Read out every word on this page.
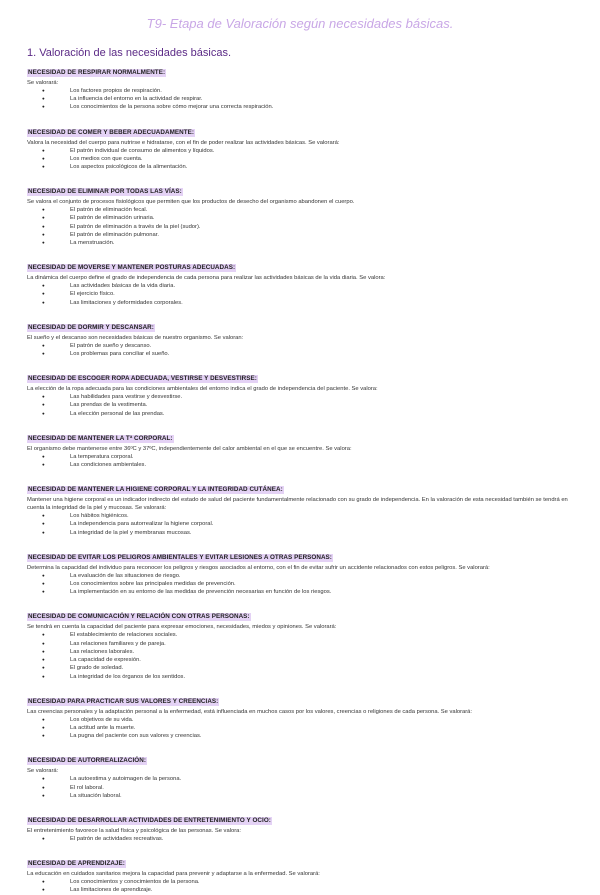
T9- Etapa de Valoración según necesidades básicas.
1. Valoración de las necesidades básicas.
NECESIDAD DE RESPIRAR NORMALMENTE:

Se valorará:

● Los factores propios de respiración.
● La influencia del entorno en la actividad de respirar.
● Los conocimientos de la persona sobre cómo mejorar una correcta respiración.
NECESIDAD DE COMER Y BEBER ADECUADAMENTE:

Valora la necesidad del cuerpo para nutrirse e hidratarse, con el fin de poder realizar las actividades básicas. Se valorará:

● El patrón individual de consumo de alimentos y líquidos.
● Los medios con que cuenta.
● Los aspectos psicológicos de la alimentación.
NECESIDAD DE ELIMINAR POR TODAS LAS VÍAS:

Se valora el conjunto de procesos fisiológicos que permiten que los productos de desecho del organismo abandonen el cuerpo.

● El patrón de eliminación fecal.
● El patrón de eliminación urinaria.
● El patrón de eliminación a través de la piel (sudor).
● El patrón de eliminación pulmonar.
● La menstruación.
NECESIDAD DE MOVERSE Y MANTENER POSTURAS ADECUADAS:

La dinámica del cuerpo define el grado de independencia de cada persona para realizar las actividades básicas de la vida diaria. Se valora:

● Las actividades básicas de la vida diaria.
● El ejercicio físico.
● Las limitaciones y deformidades corporales.
NECESIDAD DE DORMIR Y DESCANSAR:

El sueño y el descanso son necesidades básicas de nuestro organismo. Se valoran:

● El patrón de sueño y descanso.
● Los problemas para conciliar el sueño.
NECESIDAD DE ESCOGER ROPA ADECUADA, VESTIRSE Y DESVESTIRSE:

La elección de la ropa adecuada para las condiciones ambientales del entorno indica el grado de independencia del paciente. Se valora:

● Las habilidades para vestirse y desvestirse.
● Las prendas de la vestimenta.
● La elección personal de las prendas.
NECESIDAD DE MANTENER LA Tª CORPORAL:

El organismo debe mantenerse entre 36ºC y 37ºC, independientemente del calor ambiental en el que se encuentre. Se valora:

● La temperatura corporal.
● Las condiciones ambientales.
NECESIDAD DE MANTENER LA HIGIENE CORPORAL Y LA INTEGRIDAD CUTÁNEA:

Mantener una higiene corporal es un indicador indirecto del estado de salud del paciente fundamentalmente relacionado con su grado de independencia. En la valoración de esta necesidad también se tendrá en cuenta la integridad de la piel y mucosas. Se valorará:

● Los hábitos higiénicos.
● La independencia para autorrealizar la higiene corporal.
● La integridad de la piel y membranas mucosas.
NECESIDAD DE EVITAR LOS PELIGROS AMBIENTALES Y EVITAR LESIONES A OTRAS PERSONAS:

Determina la capacidad del individuo para reconocer los peligros y riesgos asociados al entorno, con el fin de evitar sufrir un accidente relacionados con estos peligros. Se valorará:

● La evaluación de las situaciones de riesgo.
● Los conocimientos sobre las principales medidas de prevención.
● La implementación en su entorno de las medidas de prevención necesarias en función de los riesgos.
NECESIDAD DE COMUNICACIÓN Y RELACIÓN CON OTRAS PERSONAS:

Se tendrá en cuenta la capacidad del paciente para expresar emociones, necesidades, miedos y opiniones. Se valorará:

● El establecimiento de relaciones sociales.
● Las relaciones familiares y de pareja.
● Las relaciones laborales.
● La capacidad de expresión.
● El grado de soledad.
● La integridad de los órganos de los sentidos.
NECESIDAD PARA PRACTICAR SUS VALORES Y CREENCIAS:

Las creencias personales y la adaptación personal a la enfermedad, está influenciada en muchos casos por los valores, creencias o religiones de cada persona. Se valorará:

● Los objetivos de su vida.
● La actitud ante la muerte.
● La pugna del paciente con sus valores y creencias.
NECESIDAD DE AUTORREALIZACIÓN:

Se valorará:

● La autoestima y autoimagen de la persona.
● El rol laboral.
● La situación laboral.
NECESIDAD DE DESARROLLAR ACTIVIDADES DE ENTRETENIMIENTO Y OCIO:

El entretenimiento favorece la salud física y psicológica de las personas. Se valora:

● El patrón de actividades recreativas.
NECESIDAD DE APRENDIZAJE:

La educación en cuidados sanitarios mejora la capacidad para prevenir y adaptarse a la enfermedad. Se valorará:

● Los conocimientos y conocimientos de la persona.
● Las limitaciones de aprendizaje.
